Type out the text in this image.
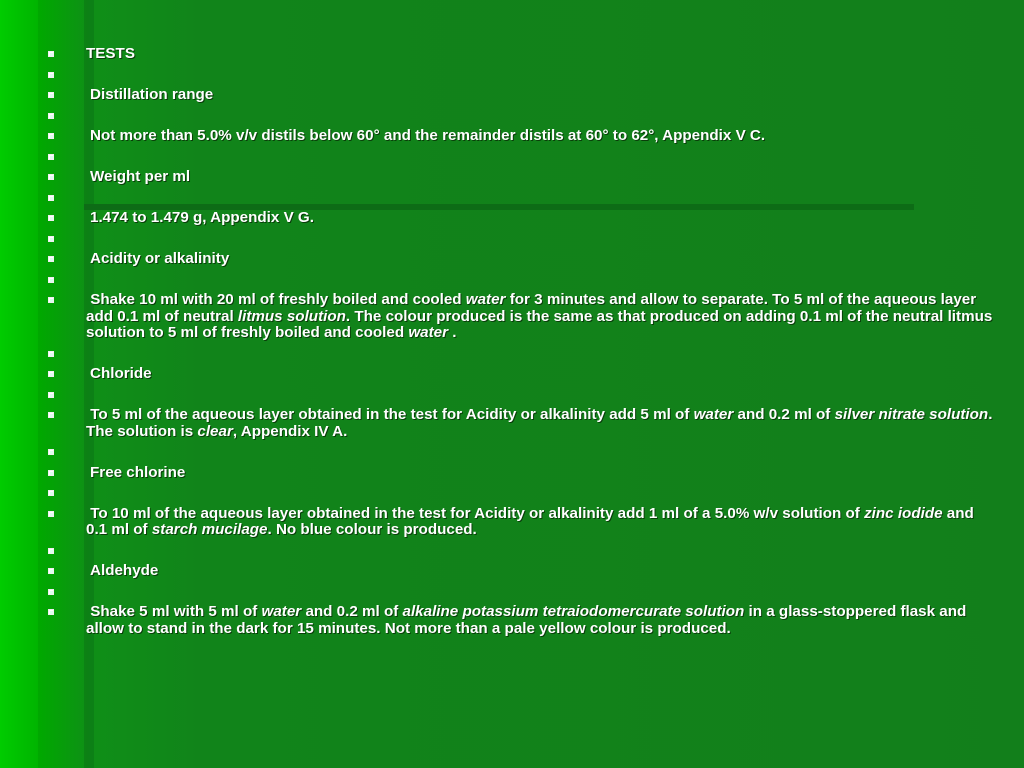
TESTS
Distillation range
Not more than 5.0% v/v distils below 60° and the remainder distils at 60° to 62°, Appendix V C.
Weight per ml
1.474 to 1.479 g, Appendix V G.
Acidity or alkalinity
Shake 10 ml with 20 ml of freshly boiled and cooled water for 3 minutes and allow to separate. To 5 ml of the aqueous layer add 0.1 ml of neutral litmus solution. The colour produced is the same as that produced on adding 0.1 ml of the neutral litmus solution to 5 ml of freshly boiled and cooled water .
Chloride
To 5 ml of the aqueous layer obtained in the test for Acidity or alkalinity add 5 ml of water and 0.2 ml of silver nitrate solution. The solution is clear, Appendix IV A.
Free chlorine
To 10 ml of the aqueous layer obtained in the test for Acidity or alkalinity add 1 ml of a 5.0% w/v solution of zinc iodide and 0.1 ml of starch mucilage. No blue colour is produced.
Aldehyde
Shake 5 ml with 5 ml of water and 0.2 ml of alkaline potassium tetraiodomercurate solution in a glass-stoppered flask and allow to stand in the dark for 15 minutes. Not more than a pale yellow colour is produced.
